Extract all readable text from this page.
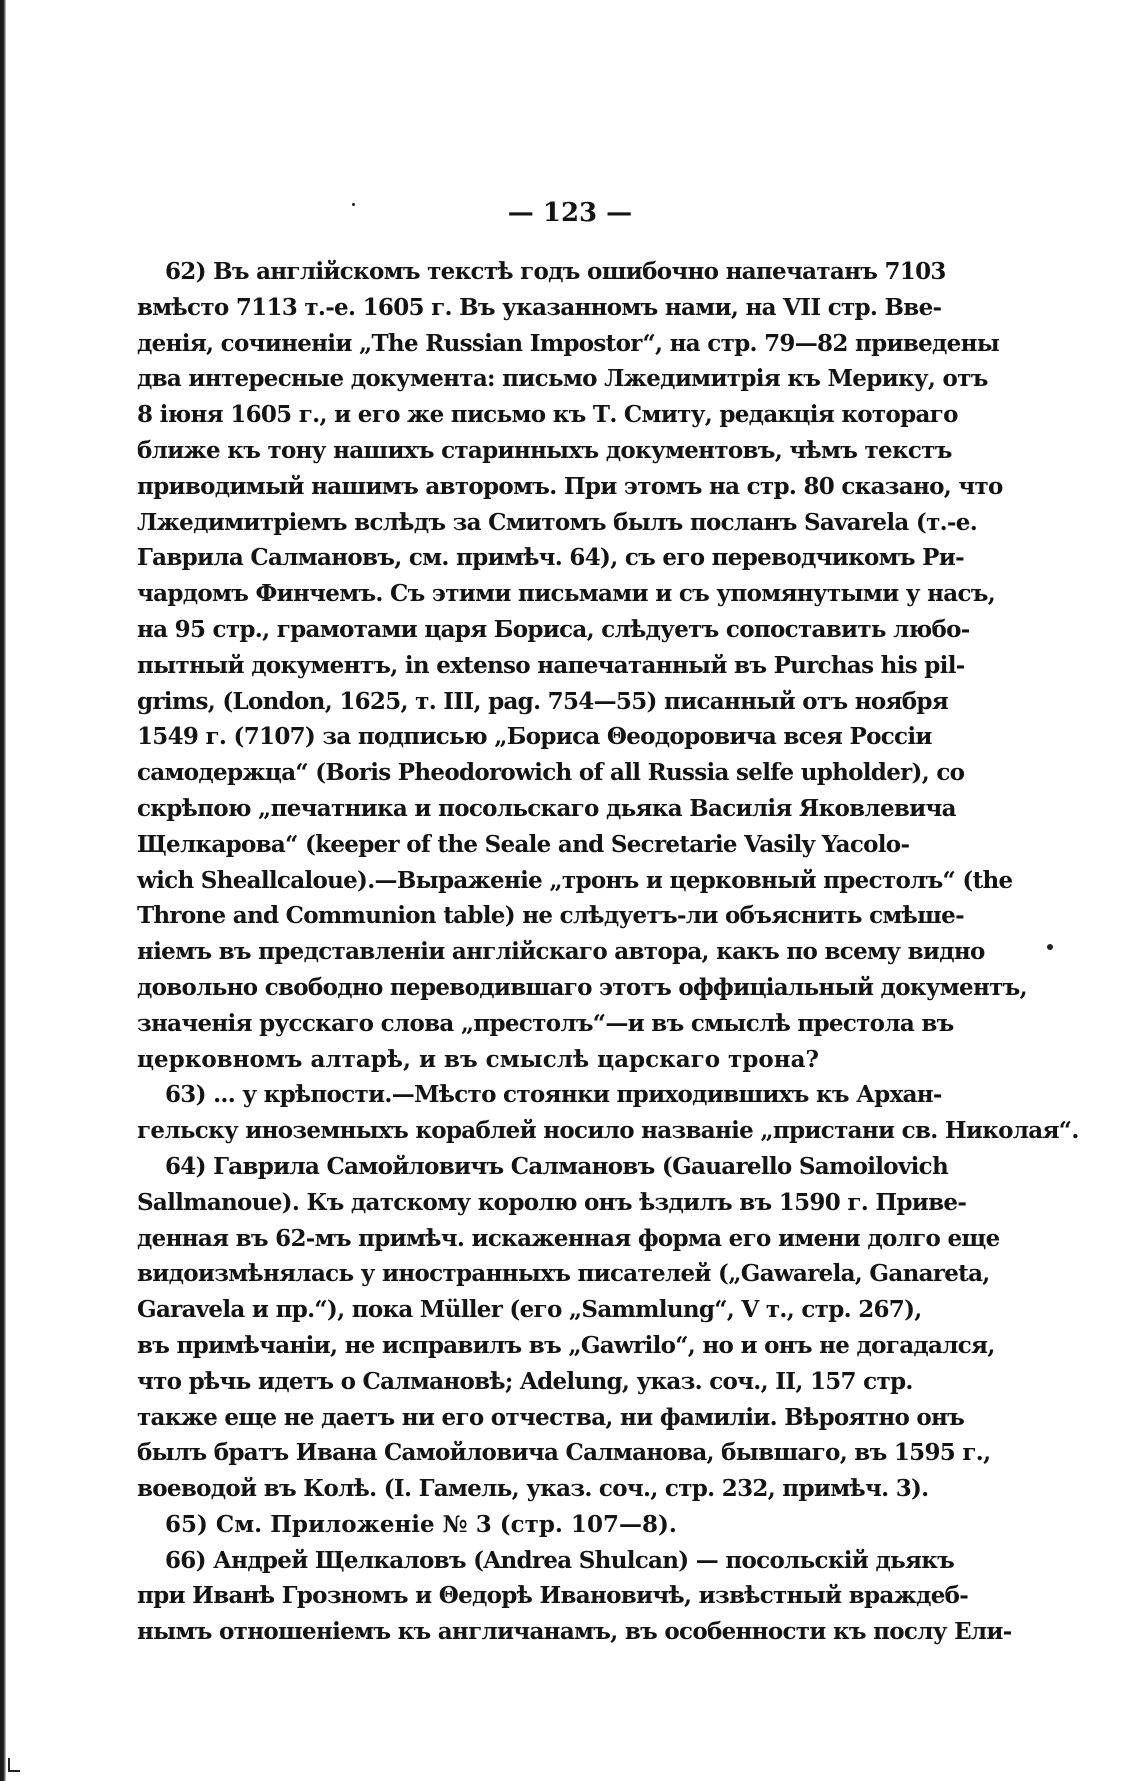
— 123 —
62) Въ англійскомъ текстѣ годъ ошибочно напечатанъ 7103
вмѣсто 7113 т.-е. 1605 г. Въ указанномъ нами, на VII стр. Вве-
денія, сочиненіи „The Russian Impostor“, на стр. 79—82 приведены
два интересные документа: письмо Лжедимитрія къ Мерику, отъ
8 іюня 1605 г., и его же письмо къ Т. Смиту, редакція котораго
ближе къ тону нашихъ старинныхъ документовъ, чѣмъ текстъ
приводимый нашимъ авторомъ. При этомъ на стр. 80 сказано, что
Лжедимитріемъ вслѣдъ за Смитомъ былъ посланъ Savarela (т.-е.
Гаврила Салмановъ, см. примѣч. 64), съ его переводчикомъ Ри-
чардомъ Финчемъ. Съ этими письмами и съ упомянутыми у насъ,
на 95 стр., грамотами царя Бориса, слѣдуетъ сопоставить любо-
пытный документъ, in extenso напечатанный въ Purchas his pil-
grims, (London, 1625, т. III, pag. 754—55) писанный отъ ноября
1549 г. (7107) за подписью „Бориса Θеодоровича всея Россіи
самодержца“ (Boris Pheodorowich of all Russia selfe upholder), со
скрѣпою „печатника и посольскаго дьяка Василія Яковлевича
Щелкарова“ (keeper of the Seale and Secretarie Vasily Yacolo-
wich Sheallcaloue).—Выраженіе „тронъ и церковный престолъ“ (the
Throne and Communion table) не слѣдуетъ-ли объяснить смѣше-
ніемъ въ представленіи англійскаго автора, какъ по всему видно
довольно свободно переводившаго этотъ оффиціальный документъ,
значенія русскаго слова „престолъ“—и въ смыслѣ престола въ
церковномъ алтарѣ, и въ смыслѣ царскаго трона?
63) ... у крѣпости.—Мѣсто стоянки приходившихъ къ Архан-
гельску иноземныхъ кораблей носило названіе „пристани св. Николая“.
64) Гаврила Самойловичъ Салмановъ (Gauarello Samoilovich
Sallmanoue). Къ датскому королю онъ ѣздилъ въ 1590 г. Приве-
денная въ 62-мъ примѣч. искаженная форма его имени долго еще
видоизмѣнялась у иностранныхъ писателей („Gawarela, Ganareta,
Garavela и пр.“), пока Müller (его „Sammlung“, V т., стр. 267),
въ примѣчаніи, не исправилъ въ „Gawrilo“, но и онъ не догадался,
что рѣчь идетъ о Салмановѣ; Adelung, указ. соч., II, 157 стр.
также еще не даетъ ни его отчества, ни фамиліи. Вѣроятно онъ
былъ братъ Ивана Самойловича Салманова, бывшаго, въ 1595 г.,
воеводой въ Колѣ. (I. Гамель, указ. соч., стр. 232, примѣч. 3).
65) См. Приложеніе № 3 (стр. 107—8).
66) Андрей Щелкаловъ (Andrea Shulcan) — посольскій дьякъ
при Иванѣ Грозномъ и Θедорѣ Ивановичѣ, извѣстный враждеб-
нымъ отношеніемъ къ англичанамъ, въ особенности къ послу Ели-
